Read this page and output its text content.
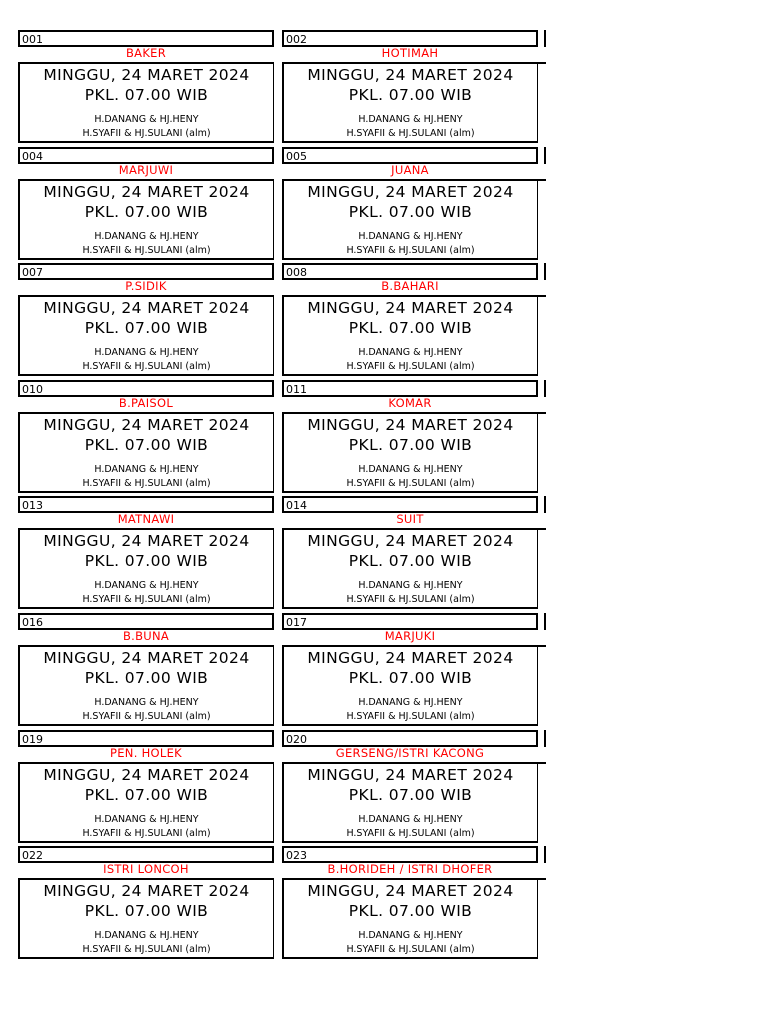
001
BAKER
MINGGU, 24 MARET 2024
PKL. 07.00 WIB
H.DANANG & HJ.HENY
H.SYAFII & HJ.SULANI (alm)
002
HOTIMAH
MINGGU, 24 MARET 2024
PKL. 07.00 WIB
H.DANANG & HJ.HENY
H.SYAFII & HJ.SULANI (alm)
004
MARJUWI
MINGGU, 24 MARET 2024
PKL. 07.00 WIB
H.DANANG & HJ.HENY
H.SYAFII & HJ.SULANI (alm)
005
JUANA
MINGGU, 24 MARET 2024
PKL. 07.00 WIB
H.DANANG & HJ.HENY
H.SYAFII & HJ.SULANI (alm)
007
P.SIDIK
MINGGU, 24 MARET 2024
PKL. 07.00 WIB
H.DANANG & HJ.HENY
H.SYAFII & HJ.SULANI (alm)
008
B.BAHARI
MINGGU, 24 MARET 2024
PKL. 07.00 WIB
H.DANANG & HJ.HENY
H.SYAFII & HJ.SULANI (alm)
010
B.PAISOL
MINGGU, 24 MARET 2024
PKL. 07.00 WIB
H.DANANG & HJ.HENY
H.SYAFII & HJ.SULANI (alm)
011
KOMAR
MINGGU, 24 MARET 2024
PKL. 07.00 WIB
H.DANANG & HJ.HENY
H.SYAFII & HJ.SULANI (alm)
013
MATNAWI
MINGGU, 24 MARET 2024
PKL. 07.00 WIB
H.DANANG & HJ.HENY
H.SYAFII & HJ.SULANI (alm)
014
SUIT
MINGGU, 24 MARET 2024
PKL. 07.00 WIB
H.DANANG & HJ.HENY
H.SYAFII & HJ.SULANI (alm)
016
B.BUNA
MINGGU, 24 MARET 2024
PKL. 07.00 WIB
H.DANANG & HJ.HENY
H.SYAFII & HJ.SULANI (alm)
017
MARJUKI
MINGGU, 24 MARET 2024
PKL. 07.00 WIB
H.DANANG & HJ.HENY
H.SYAFII & HJ.SULANI (alm)
019
PEN. HOLEK
MINGGU, 24 MARET 2024
PKL. 07.00 WIB
H.DANANG & HJ.HENY
H.SYAFII & HJ.SULANI (alm)
020
GERSENG/ISTRI KACONG
MINGGU, 24 MARET 2024
PKL. 07.00 WIB
H.DANANG & HJ.HENY
H.SYAFII & HJ.SULANI (alm)
022
ISTRI LONCOH
MINGGU, 24 MARET 2024
PKL. 07.00 WIB
H.DANANG & HJ.HENY
H.SYAFII & HJ.SULANI (alm)
023
B.HORIDEH / ISTRI DHOFER
MINGGU, 24 MARET 2024
PKL. 07.00 WIB
H.DANANG & HJ.HENY
H.SYAFII & HJ.SULANI (alm)
